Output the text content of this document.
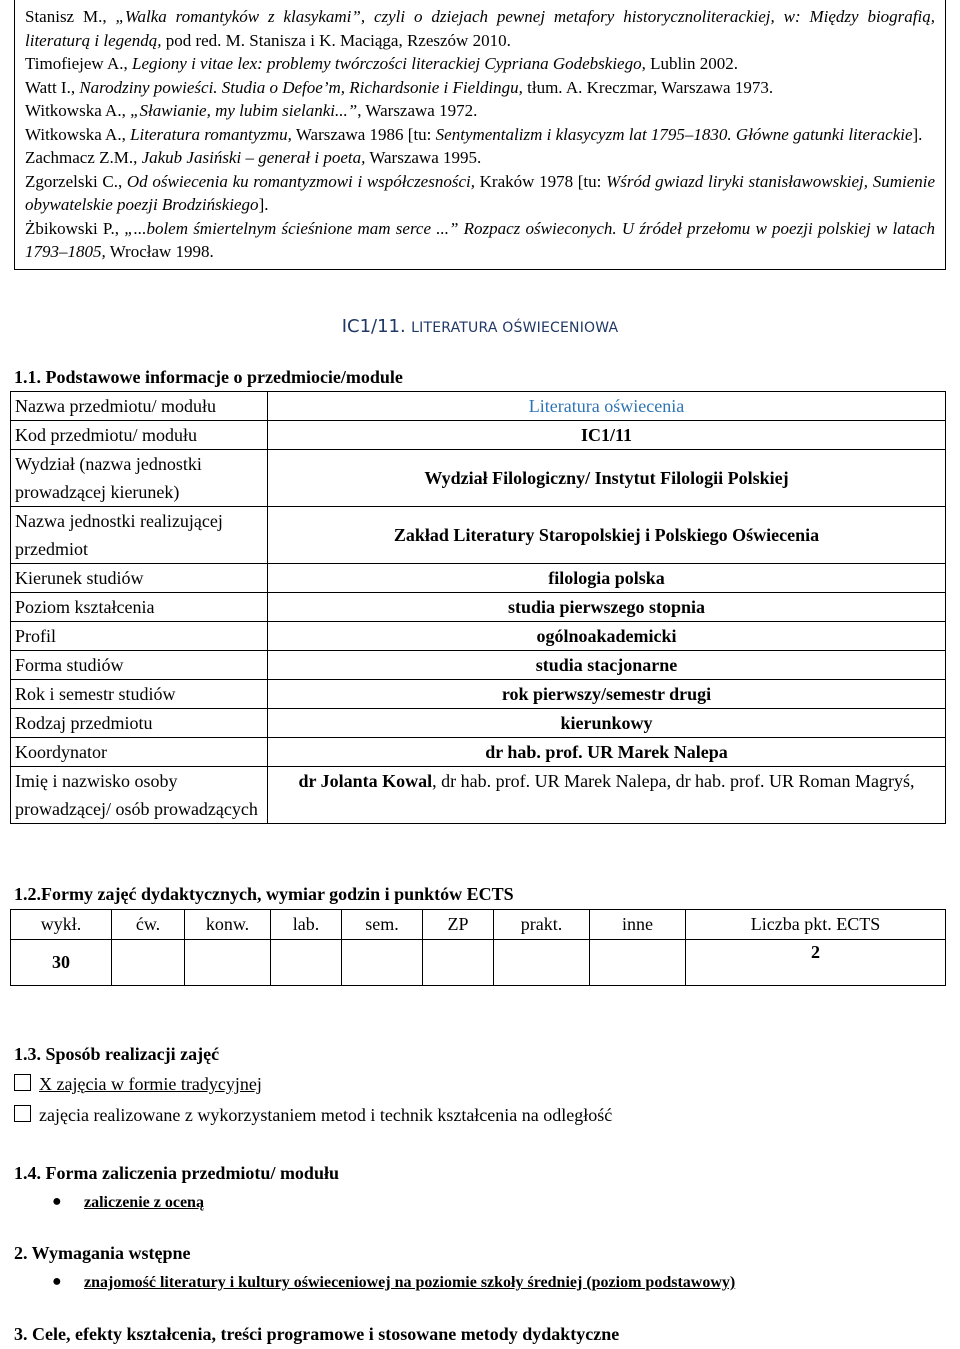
Stanisz M., „Walka romantyków z klasykami”, czyli o dziejach pewnej metafory historycznoliterackiej, w: Między biografią, literaturą i legendą, pod red. M. Stanisza i K. Maciąga, Rzeszów 2010.

Timofiejew A., Legiony i vitae lex: problemy twórczości literackiej Cypriana Godebskiego, Lublin 2002.

Watt I., Narodziny powieści. Studia o Defoe’m, Richardsonie i Fieldingu, tłum. A. Kreczmar, Warszawa 1973.

Witkowska A., „Sławianie, my lubim sielanki...”, Warszawa 1972.

Witkowska A., Literatura romantyzmu, Warszawa 1986 [tu: Sentymentalizm i klasycyzm lat 1795–1830. Główne gatunki literackie].

Zachmacz Z.M., Jakub Jasiński – generał i poeta, Warszawa 1995.

Zgorzelski C., Od oświecenia ku romantyzmowi i współczesności, Kraków 1978 [tu: Wśród gwiazd liryki stanisławowskiej, Sumienie obywatelskie poezji Brodzińskiego].

Żbikowski P., „...bolem śmiertelnym ścieśnione mam serce ...” Rozpacz oświeconych. U źródeł przełomu w poezji polskiej w latach 1793–1805, Wrocław 1998.

IC1/11. LITERATURA OŚWIECENIOWA
1.1. Podstawowe informacje o przedmiocie/module
Nazwa przedmiotu/ modułu	Literatura oświecenia
Kod przedmiotu/ modułu	IC1/11
Wydział (nazwa jednostki prowadzącej kierunek)	Wydział Filologiczny/ Instytut Filologii Polskiej
Nazwa jednostki realizującej przedmiot	Zakład Literatury Staropolskiej i Polskiego Oświecenia
Kierunek studiów	filologia polska
Poziom kształcenia	studia pierwszego stopnia
Profil	ogólnoakademicki
Forma studiów	studia stacjonarne
Rok i semestr studiów	rok pierwszy/semestr drugi
Rodzaj przedmiotu	kierunkowy
Koordynator	dr hab. prof. UR Marek Nalepa
Imię i nazwisko osoby prowadzącej/ osób prowadzących	dr Jolanta Kowal, dr hab. prof. UR Marek Nalepa, dr hab. prof. UR Roman Magryś,
1.2.Formy zajęć dydaktycznych, wymiar godzin i punktów ECTS
wykł.	ćw.	konw.	lab.	sem.	ZP	prakt.	inne	Liczba pkt. ECTS
30								2
1.3. Sposób realizacji zajęć
X zajęcia w formie tradycyjnej
zajęcia realizowane z wykorzystaniem metod i technik kształcenia na odległość
1.4. Forma zaliczenia przedmiotu/ modułu
● zaliczenie z oceną
2. Wymagania wstępne
● znajomość literatury i kultury oświeceniowej na poziomie szkoły średniej (poziom podstawowy)
3. Cele, efekty kształcenia, treści programowe i stosowane metody dydaktyczne
